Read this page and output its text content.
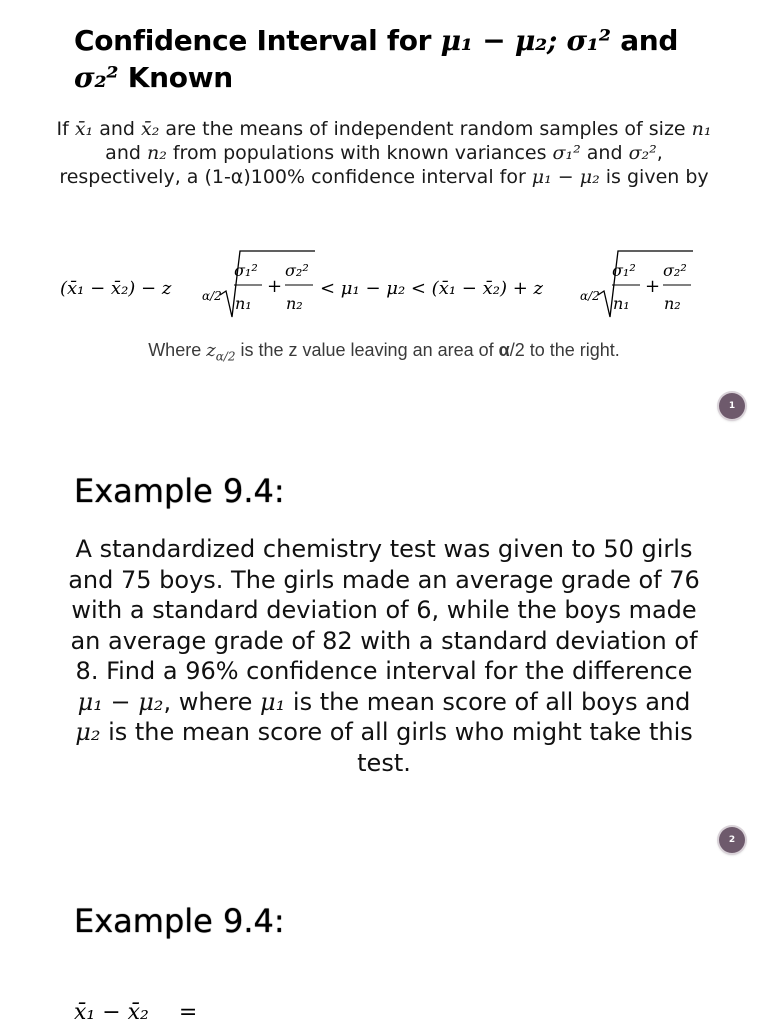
Confidence Interval for μ₁ − μ₂; σ₁² and
σ₂² Known

If x̄₁ and x̄₂ are the means of independent random samples of size n₁ and n₂ from populations with known variances σ₁² and σ₂², respectively, a (1-α)100% confidence interval for μ₁ − μ₂ is given by

(x̄₁ − x̄₂) − z	α/2
σ₁²
n₁
+
σ₂²
n₂
< μ₁ − μ₂ < (x̄₁ − x̄₂) + z	α/2
σ₁²
n₁
+
σ₂²
n₂

Where $z_{\alpha/2}$ is the z value leaving an area of α/2 to the right.

1
Example 9.4:

A standardized chemistry test was given to 50 girls and 75 boys. The girls made an average grade of 76 with a standard deviation of 6, while the boys made an average grade of 82 with a standard deviation of 8. Find a 96% confidence interval for the difference μ₁ − μ₂, where μ₁ is the mean score of all boys and μ₂ is the mean score of all girls who might take this test.

2
Example 9.4:
x̄₁ − x̄₂ =
